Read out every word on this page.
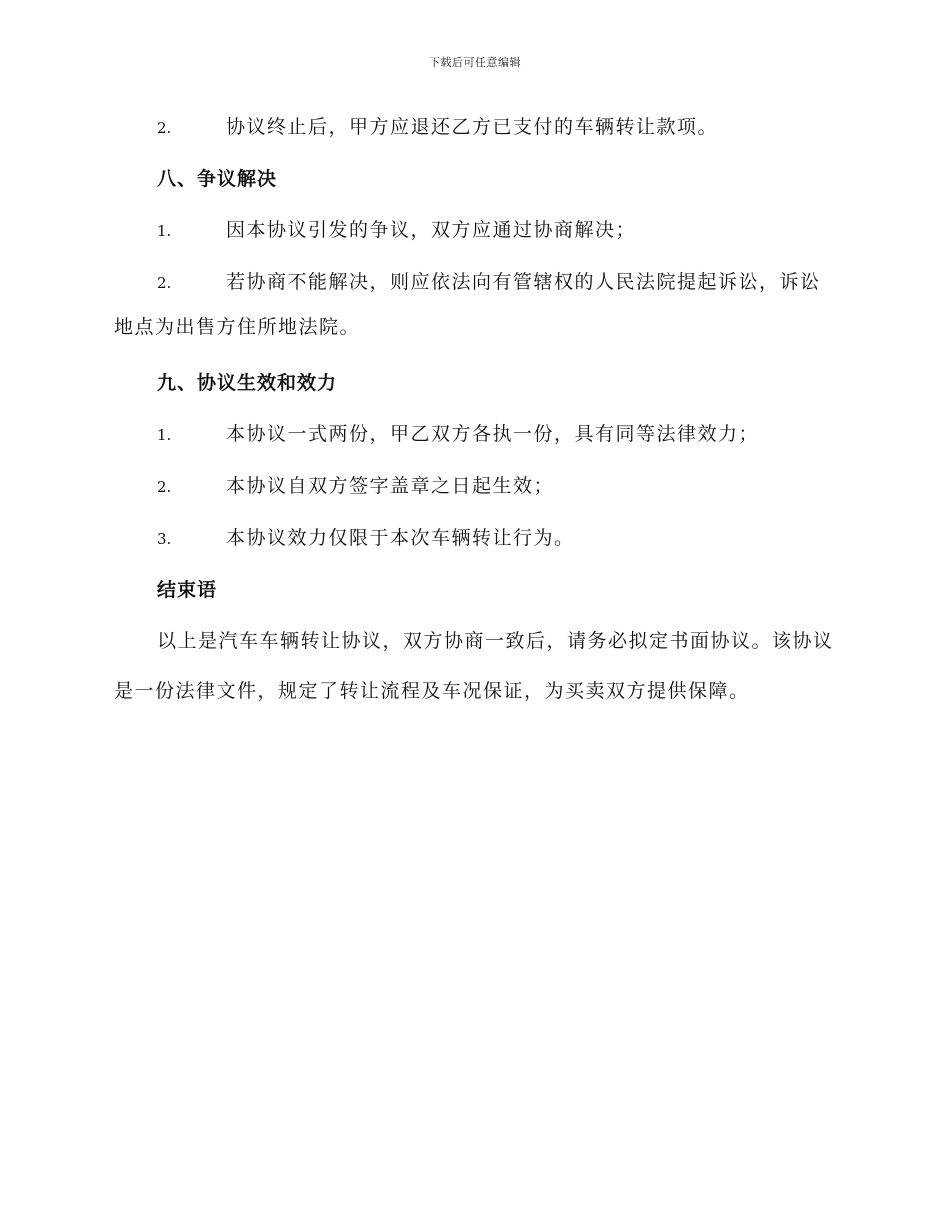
下载后可任意编辑
2.	协议终止后，甲方应退还乙方已支付的车辆转让款项。
八、争议解决
1.	因本协议引发的争议，双方应通过协商解决；
2.	若协商不能解决，则应依法向有管辖权的人民法院提起诉讼，诉讼地点为出售方住所地法院。
九、协议生效和效力
1.	本协议一式两份，甲乙双方各执一份，具有同等法律效力；
2.	本协议自双方签字盖章之日起生效；
3.	本协议效力仅限于本次车辆转让行为。
结束语
以上是汽车车辆转让协议，双方协商一致后，请务必拟定书面协议。该协议是一份法律文件，规定了转让流程及车况保证，为买卖双方提供保障。
